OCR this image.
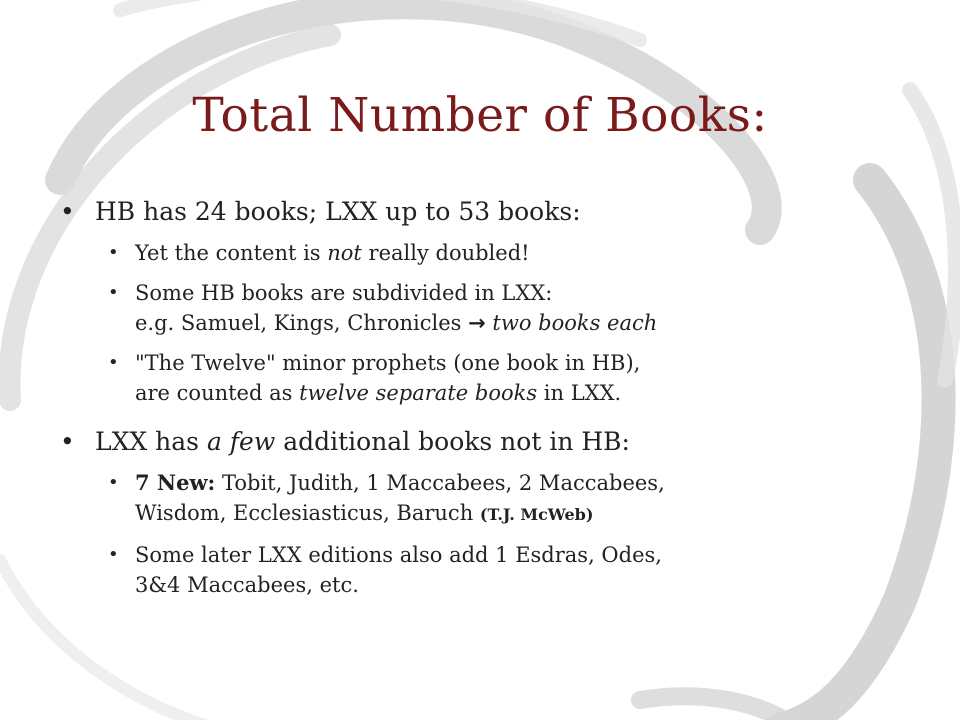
Total Number of Books:
• HB has 24 books; LXX up to 53 books:
• Yet the content is not really doubled!
• Some HB books are subdivided in LXX:
e.g. Samuel, Kings, Chronicles → two books each
• "The Twelve" minor prophets (one book in HB),
are counted as twelve separate books in LXX.
• LXX has a few additional books not in HB:
• 7 New: Tobit, Judith, 1 Maccabees, 2 Maccabees,
Wisdom, Ecclesiasticus, Baruch (T.J. McWeb)
• Some later LXX editions also add 1 Esdras, Odes,
3&4 Maccabees, etc.
